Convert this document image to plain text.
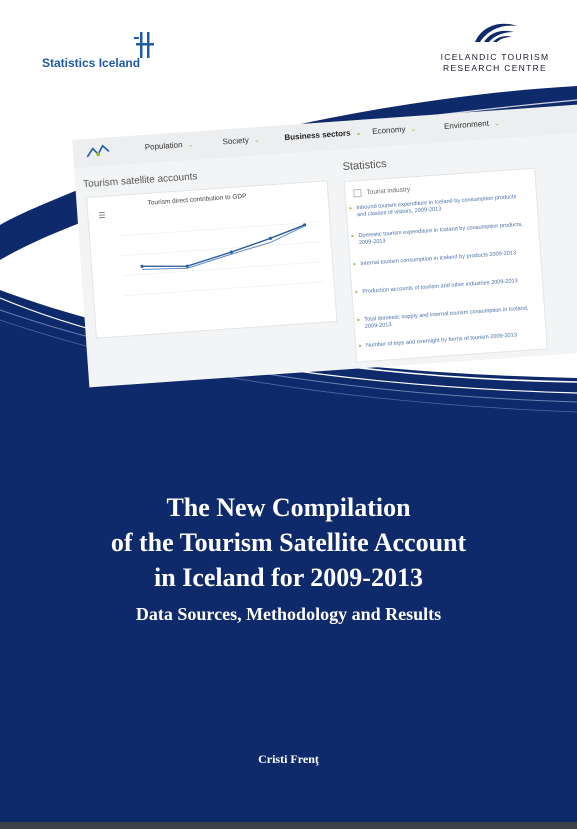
Statistics Iceland	ICELANDIC TOURISM
RESEARCH CENTRE
Population ⌄	Society ⌄	Business sectors ⌄ Economy ⌄	Environment ⌄
Tourism satellite accounts
☰
Tourism direct contribution to GDP
Statistics
Tourist industry
▸ Inbound tourism expenditure in Iceland by consumption products and classes of visitors, 2009-2013
▸ Domestic tourism expenditure in Iceland by consumption products, 2009-2013
▸ Internal tourism consumption in Iceland by products 2009-2013
▸ Production accounts of tourism and other industries 2009-2013
▸ Total domestic supply and internal tourism consumption in Iceland, 2009-2013
▸ Number of trips and overnight by forms of tourism 2009-2013
The New Compilation
of the Tourism Satellite Account
in Iceland for 2009-2013
Data Sources, Methodology and Results
Cristi Frenţ
